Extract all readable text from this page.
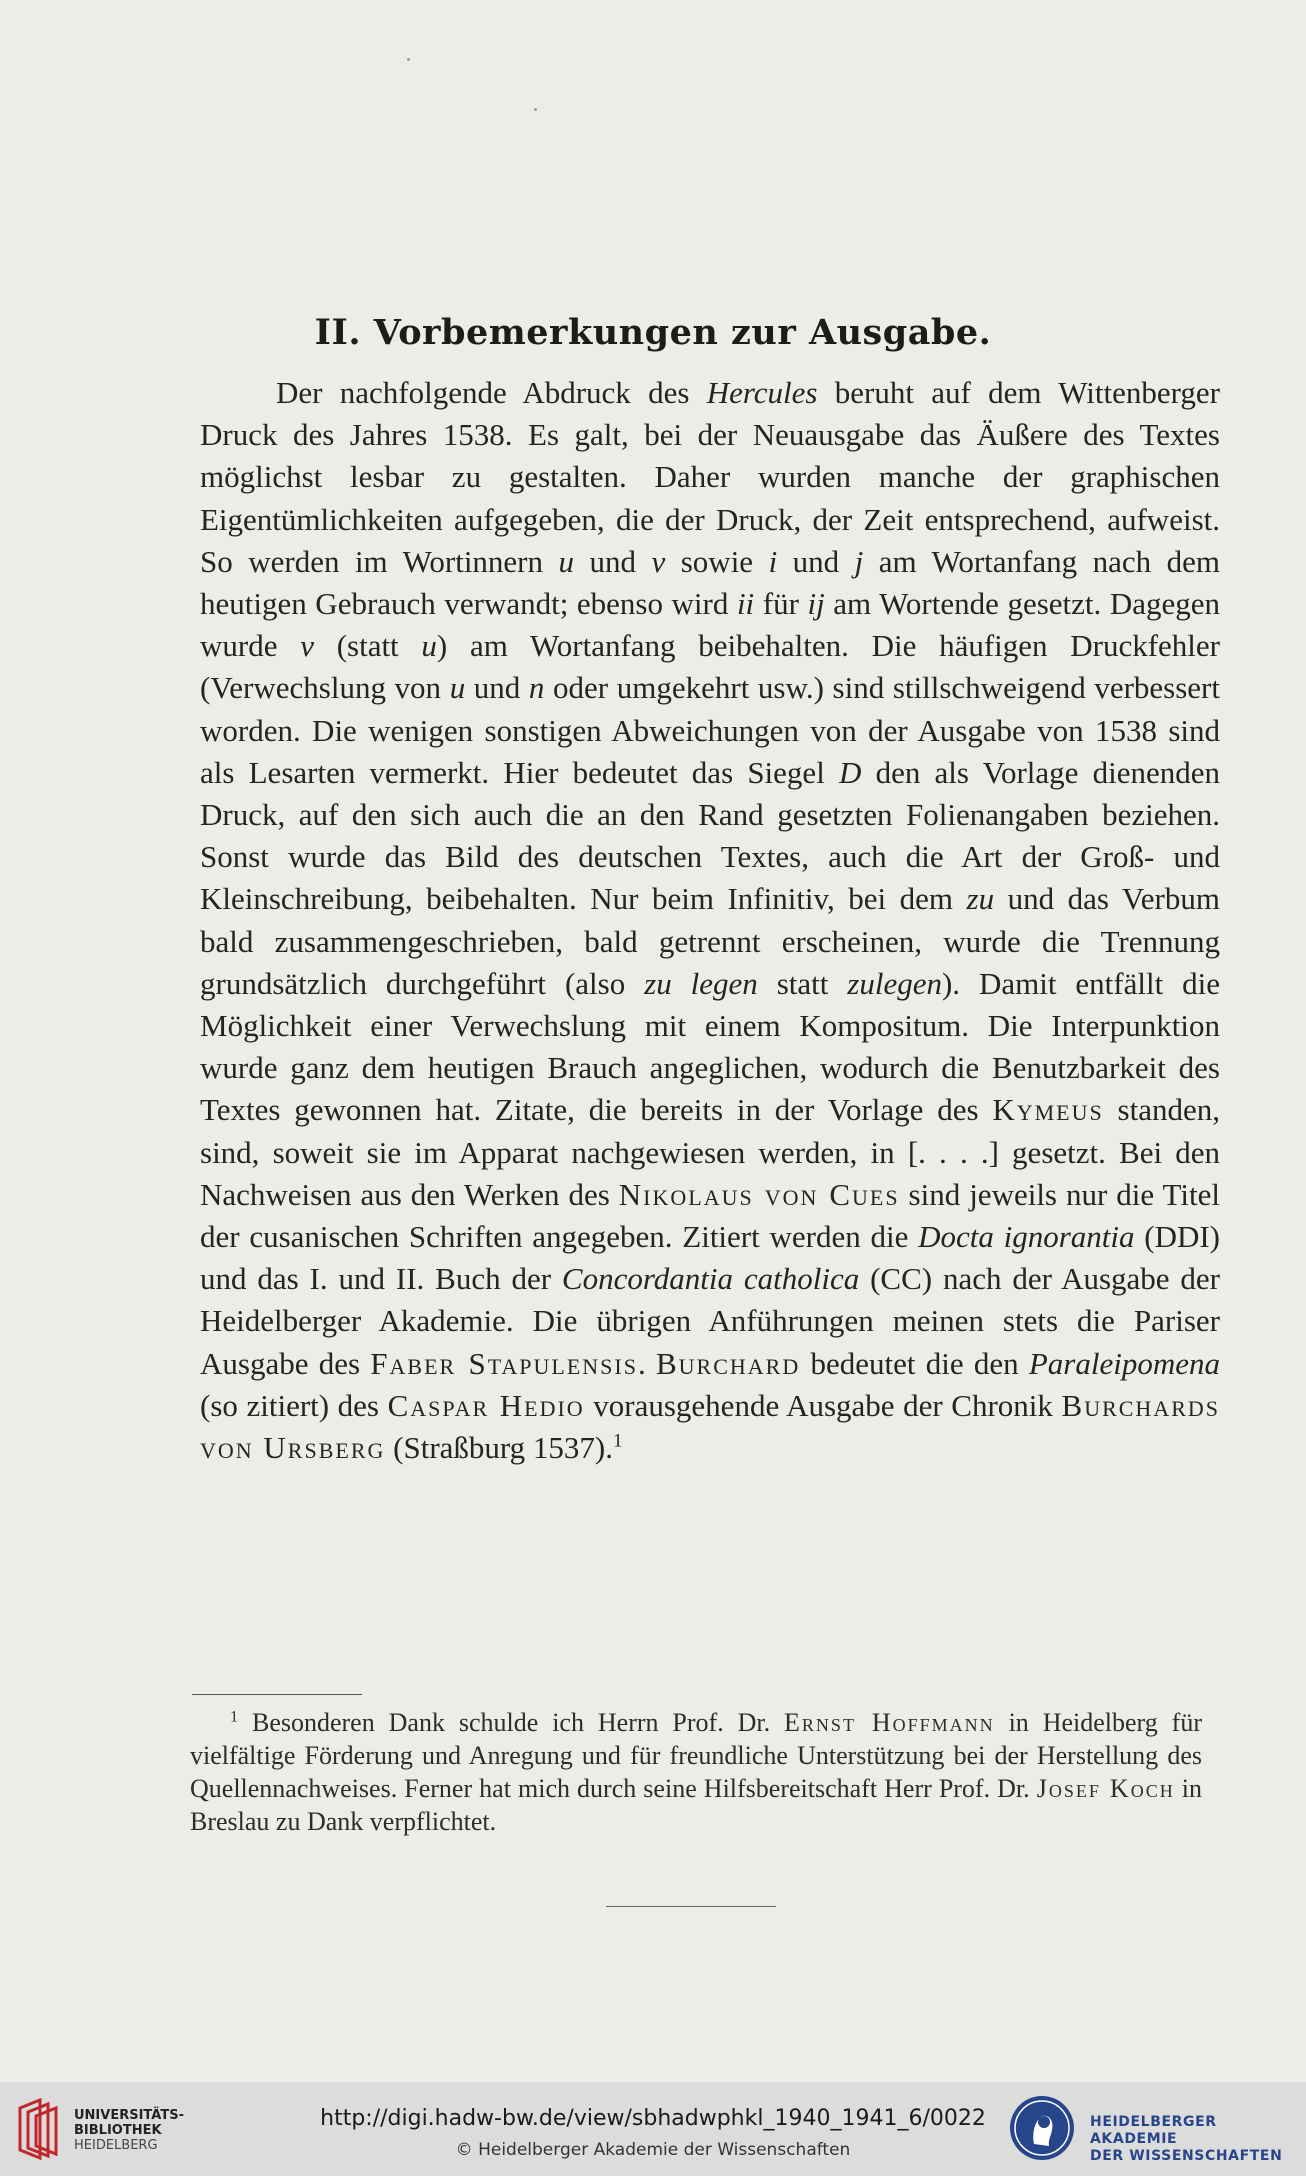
II. Vorbemerkungen zur Ausgabe.

Der nachfolgende Abdruck des Hercules beruht auf dem Wittenberger Druck des Jahres 1538. Es galt, bei der Neuausgabe das Äußere des Textes möglichst lesbar zu gestalten. Daher wurden manche der graphischen Eigentümlichkeiten aufgegeben, die der Druck, der Zeit entsprechend, aufweist. So werden im Wortinnern u und v sowie i und j am Wortanfang nach dem heutigen Gebrauch verwandt; ebenso wird ii für ij am Wortende gesetzt. Dagegen wurde v (statt u) am Wortanfang beibehalten. Die häufigen Druckfehler (Verwechslung von u und n oder umgekehrt usw.) sind stillschweigend verbessert worden. Die wenigen sonstigen Abweichungen von der Ausgabe von 1538 sind als Lesarten vermerkt. Hier bedeutet das Siegel D den als Vorlage dienenden Druck, auf den sich auch die an den Rand gesetzten Folienangaben beziehen. Sonst wurde das Bild des deutschen Textes, auch die Art der Groß- und Kleinschreibung, beibehalten. Nur beim Infinitiv, bei dem zu und das Verbum bald zusammengeschrieben, bald getrennt erscheinen, wurde die Trennung grundsätzlich durchgeführt (also zu legen statt zulegen). Damit entfällt die Möglichkeit einer Verwechslung mit einem Kompositum. Die Interpunktion wurde ganz dem heutigen Brauch angeglichen, wodurch die Benutzbarkeit des Textes gewonnen hat. Zitate, die bereits in der Vorlage des Kymeus standen, sind, soweit sie im Apparat nachgewiesen werden, in [. . . .] gesetzt. Bei den Nachweisen aus den Werken des Nikolaus von Cues sind jeweils nur die Titel der cusanischen Schriften angegeben. Zitiert werden die Docta ignorantia (DDI) und das I. und II. Buch der Concordantia catholica (CC) nach der Ausgabe der Heidelberger Akademie. Die übrigen Anführungen meinen stets die Pariser Ausgabe des Faber Stapulensis. Burchard bedeutet die den Paraleipomena (so zitiert) des Caspar Hedio vorausgehende Ausgabe der Chronik Burchards von Ursberg (Straßburg 1537).$^1$

$^1$ Besonderen Dank schulde ich Herrn Prof. Dr. Ernst Hoffmann in Heidelberg für vielfältige Förderung und Anregung und für freundliche Unterstützung bei der Herstellung des Quellennachweises. Ferner hat mich durch seine Hilfsbereitschaft Herr Prof. Dr. Josef Koch in Breslau zu Dank verpflichtet.

UNIVERSITÄTS-
BIBLIOTHEK
HEIDELBERG
http://digi.hadw-bw.de/view/sbhadwphkl_1940_1941_6/0022
© Heidelberger Akademie der Wissenschaften
HEIDELBERGER AKADEMIE
DER WISSENSCHAFTEN
